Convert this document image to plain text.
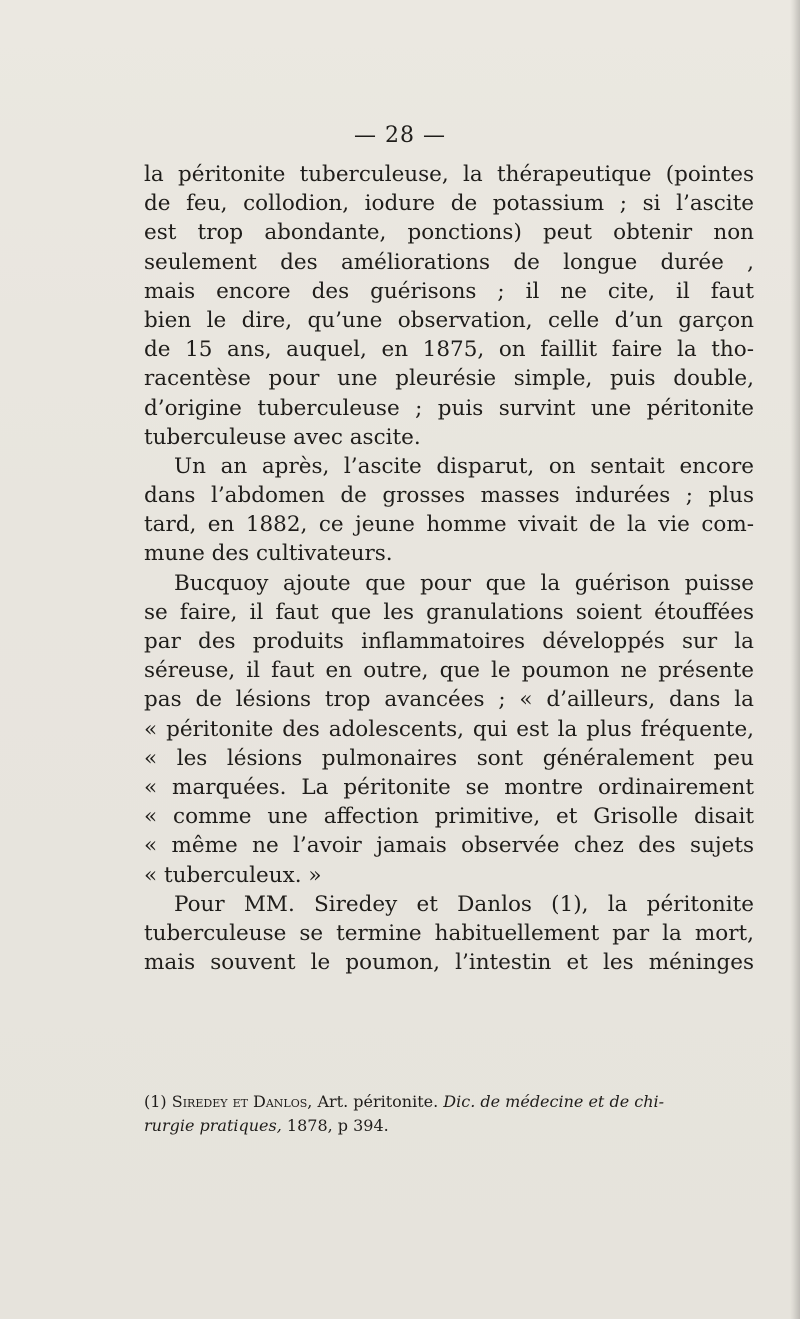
— 28 —
la péritonite tuberculeuse, la thérapeutique (pointes
de feu, collodion, iodure de potassium ; si l’ascite
est trop abondante, ponctions) peut obtenir non
seulement des améliorations de longue durée ,
mais encore des guérisons ; il ne cite, il faut
bien le dire, qu’une observation, celle d’un garçon
de 15 ans, auquel, en 1875, on faillit faire la tho-
racentèse pour une pleurésie simple, puis double,
d’origine tuberculeuse ; puis survint une péritonite
tuberculeuse avec ascite.
Un an après, l’ascite disparut, on sentait encore
dans l’abdomen de grosses masses indurées ; plus
tard, en 1882, ce jeune homme vivait de la vie com-
mune des cultivateurs.
Bucquoy ajoute que pour que la guérison puisse
se faire, il faut que les granulations soient étouffées
par des produits inflammatoires développés sur la
séreuse, il faut en outre, que le poumon ne présente
pas de lésions trop avancées ; « d’ailleurs, dans la
« péritonite des adolescents, qui est la plus fréquente,
« les lésions pulmonaires sont généralement peu
« marquées. La péritonite se montre ordinairement
« comme une affection primitive, et Grisolle disait
« même ne l’avoir jamais observée chez des sujets
« tuberculeux. »
Pour MM. Siredey et Danlos (1), la péritonite
tuberculeuse se termine habituellement par la mort,
mais souvent le poumon, l’intestin et les méninges
(1) Siredey et Danlos, Art. péritonite. Dic. de médecine et de chi-
rurgie pratiques, 1878, p 394.
